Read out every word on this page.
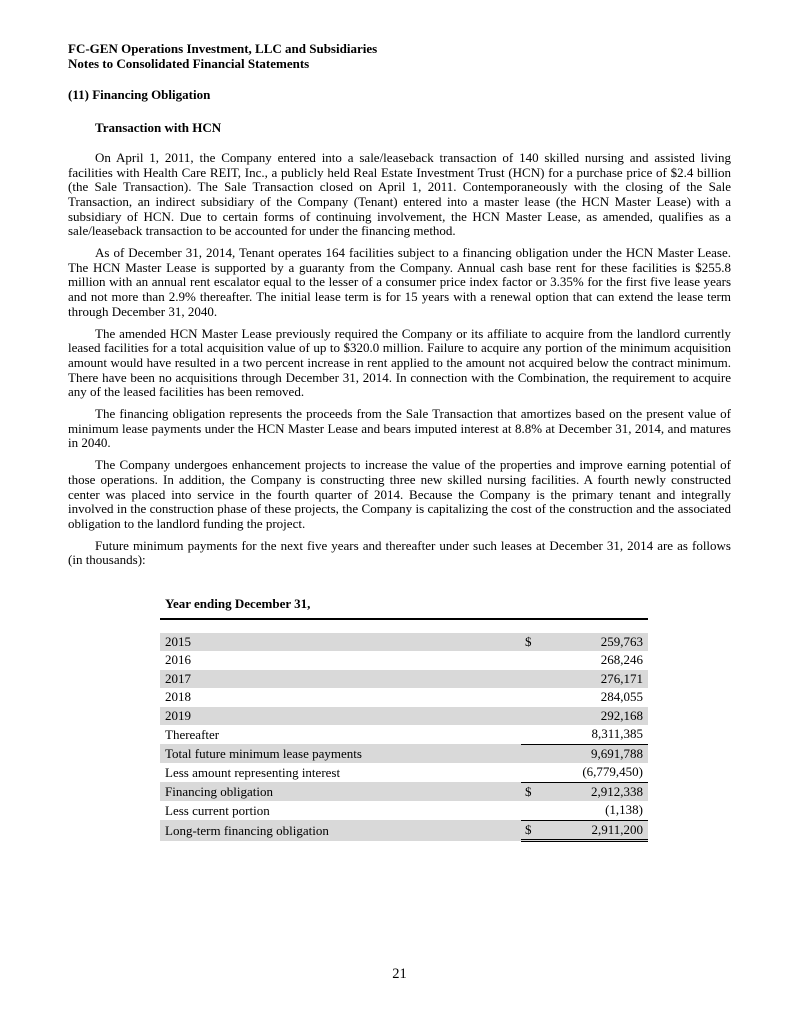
FC-GEN Operations Investment, LLC and Subsidiaries
Notes to Consolidated Financial Statements
(11) Financing Obligation
Transaction with HCN

On April 1, 2011, the Company entered into a sale/leaseback transaction of 140 skilled nursing and assisted living facilities with Health Care REIT, Inc., a publicly held Real Estate Investment Trust (HCN) for a purchase price of $2.4 billion (the Sale Transaction). The Sale Transaction closed on April 1, 2011. Contemporaneously with the closing of the Sale Transaction, an indirect subsidiary of the Company (Tenant) entered into a master lease (the HCN Master Lease) with a subsidiary of HCN. Due to certain forms of continuing involvement, the HCN Master Lease, as amended, qualifies as a sale/leaseback transaction to be accounted for under the financing method.

As of December 31, 2014, Tenant operates 164 facilities subject to a financing obligation under the HCN Master Lease. The HCN Master Lease is supported by a guaranty from the Company. Annual cash base rent for these facilities is $255.8 million with an annual rent escalator equal to the lesser of a consumer price index factor or 3.35% for the first five lease years and not more than 2.9% thereafter. The initial lease term is for 15 years with a renewal option that can extend the lease term through December 31, 2040.

The amended HCN Master Lease previously required the Company or its affiliate to acquire from the landlord currently leased facilities for a total acquisition value of up to $320.0 million. Failure to acquire any portion of the minimum acquisition amount would have resulted in a two percent increase in rent applied to the amount not acquired below the contract minimum. There have been no acquisitions through December 31, 2014. In connection with the Combination, the requirement to acquire any of the leased facilities has been removed.

The financing obligation represents the proceeds from the Sale Transaction that amortizes based on the present value of minimum lease payments under the HCN Master Lease and bears imputed interest at 8.8% at December 31, 2014, and matures in 2040.

The Company undergoes enhancement projects to increase the value of the properties and improve earning potential of those operations. In addition, the Company is constructing three new skilled nursing facilities. A fourth newly constructed center was placed into service in the fourth quarter of 2014. Because the Company is the primary tenant and integrally involved in the construction phase of these projects, the Company is capitalizing the cost of the construction and the associated obligation to the landlord funding the project.

Future minimum payments for the next five years and thereafter under such leases at December 31, 2014 are as follows (in thousands):

Year ending December 31,
2015	$	259,763
2016		268,246
2017		276,171
2018		284,055
2019		292,168
Thereafter		8,311,385
Total future minimum lease payments		9,691,788
Less amount representing interest		(6,779,450)
Financing obligation	$	2,912,338
Less current portion		(1,138)
Long-term financing obligation	$	2,911,200
21
